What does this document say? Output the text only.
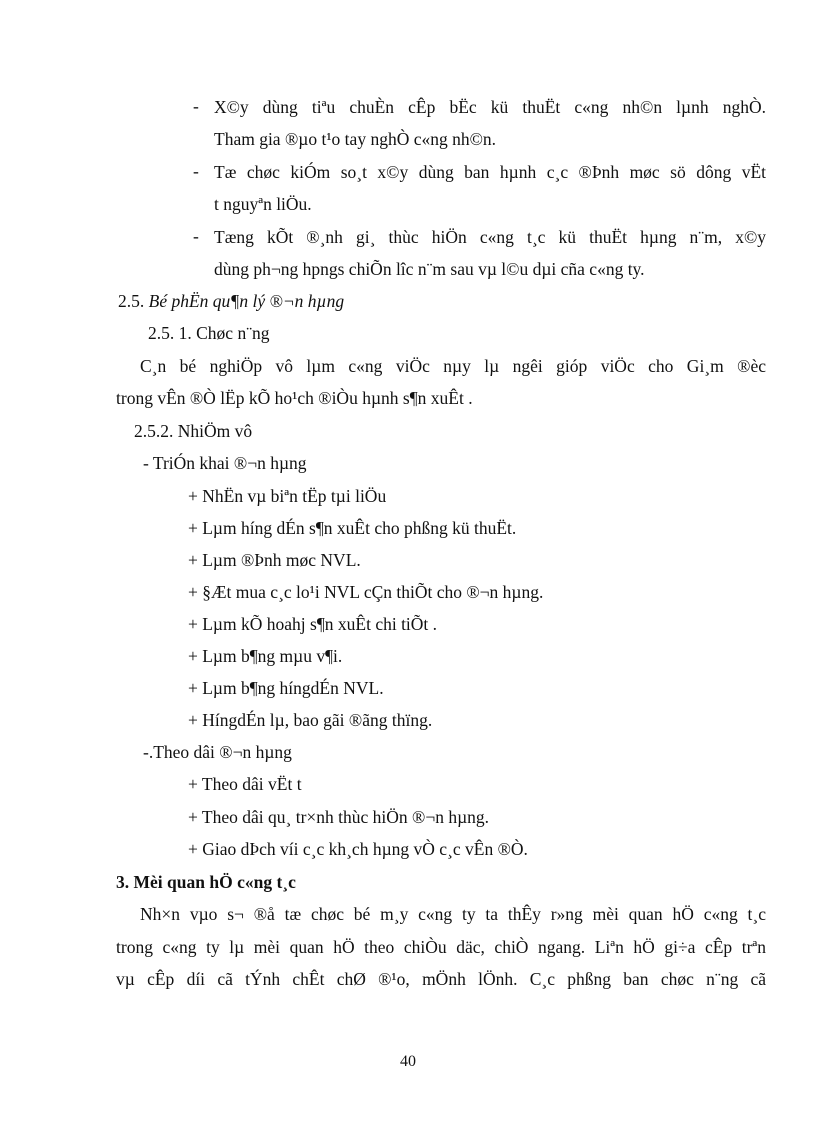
- X©y dùng tiªu chuÈn cÊp bËc kü thuËt c«ng nh©n lµnh nghÒ.
Tham gia ®µo t¹o tay nghÒ c«ng nh©n.
- Tæ chøc kiÓm so¸t x©y dùng ban hµnh c¸c ®Þnh møc sö dông vËt
t nguyªn liÖu.
- Tæng kÕt ®¸nh gi¸ thùc hiÖn c«ng t¸c kü thuËt hµng n¨m, x©y
dùng ph¬ng hpngs chiÕn lîc n¨m sau vµ l©u dµi cña c«ng ty.
2.5. Bé phËn qu¶n lý ®¬n hµng
2.5. 1. Chøc n¨ng
C¸n bé nghiÖp vô lµm c«ng viÖc nµy lµ ngêi gióp viÖc cho Gi¸m ®èc
trong vÊn ®Ò lËp kÕ ho¹ch ®iÒu hµnh s¶n xuÊt .
2.5.2. NhiÖm vô
- TriÓn khai ®¬n hµng
+ NhËn vµ biªn tËp tµi liÖu
+ Lµm híng dÉn s¶n xuÊt cho phßng kü thuËt.
+ Lµm ®Þnh møc NVL.
+ §Æt mua c¸c lo¹i NVL cÇn thiÕt cho ®¬n hµng.
+ Lµm kÕ hoahj s¶n xuÊt chi tiÕt .
+ Lµm b¶ng mµu v¶i.
+ Lµm b¶ng híngdÉn NVL.
+ HíngdÉn lµ, bao gãi ®ãng thïng.
-.Theo dâi ®¬n hµng
+ Theo dâi vËt t
+ Theo dâi qu¸ tr×nh thùc hiÖn ®¬n hµng.
+ Giao dÞch víi c¸c kh¸ch hµng vÒ c¸c vÊn ®Ò.
3. Mèi quan hÖ c«ng t¸c
Nh×n vµo s¬ ®å tæ chøc bé m¸y c«ng ty ta thÊy r»ng mèi quan hÖ c«ng t¸c
trong c«ng ty lµ mèi quan hÖ theo chiÒu däc, chiÒ ngang. Liªn hÖ gi÷a cÊp trªn
vµ cÊp díi cã tÝnh chÊt chØ ®¹o, mÖnh lÖnh. C¸c phßng ban chøc n¨ng cã
40
